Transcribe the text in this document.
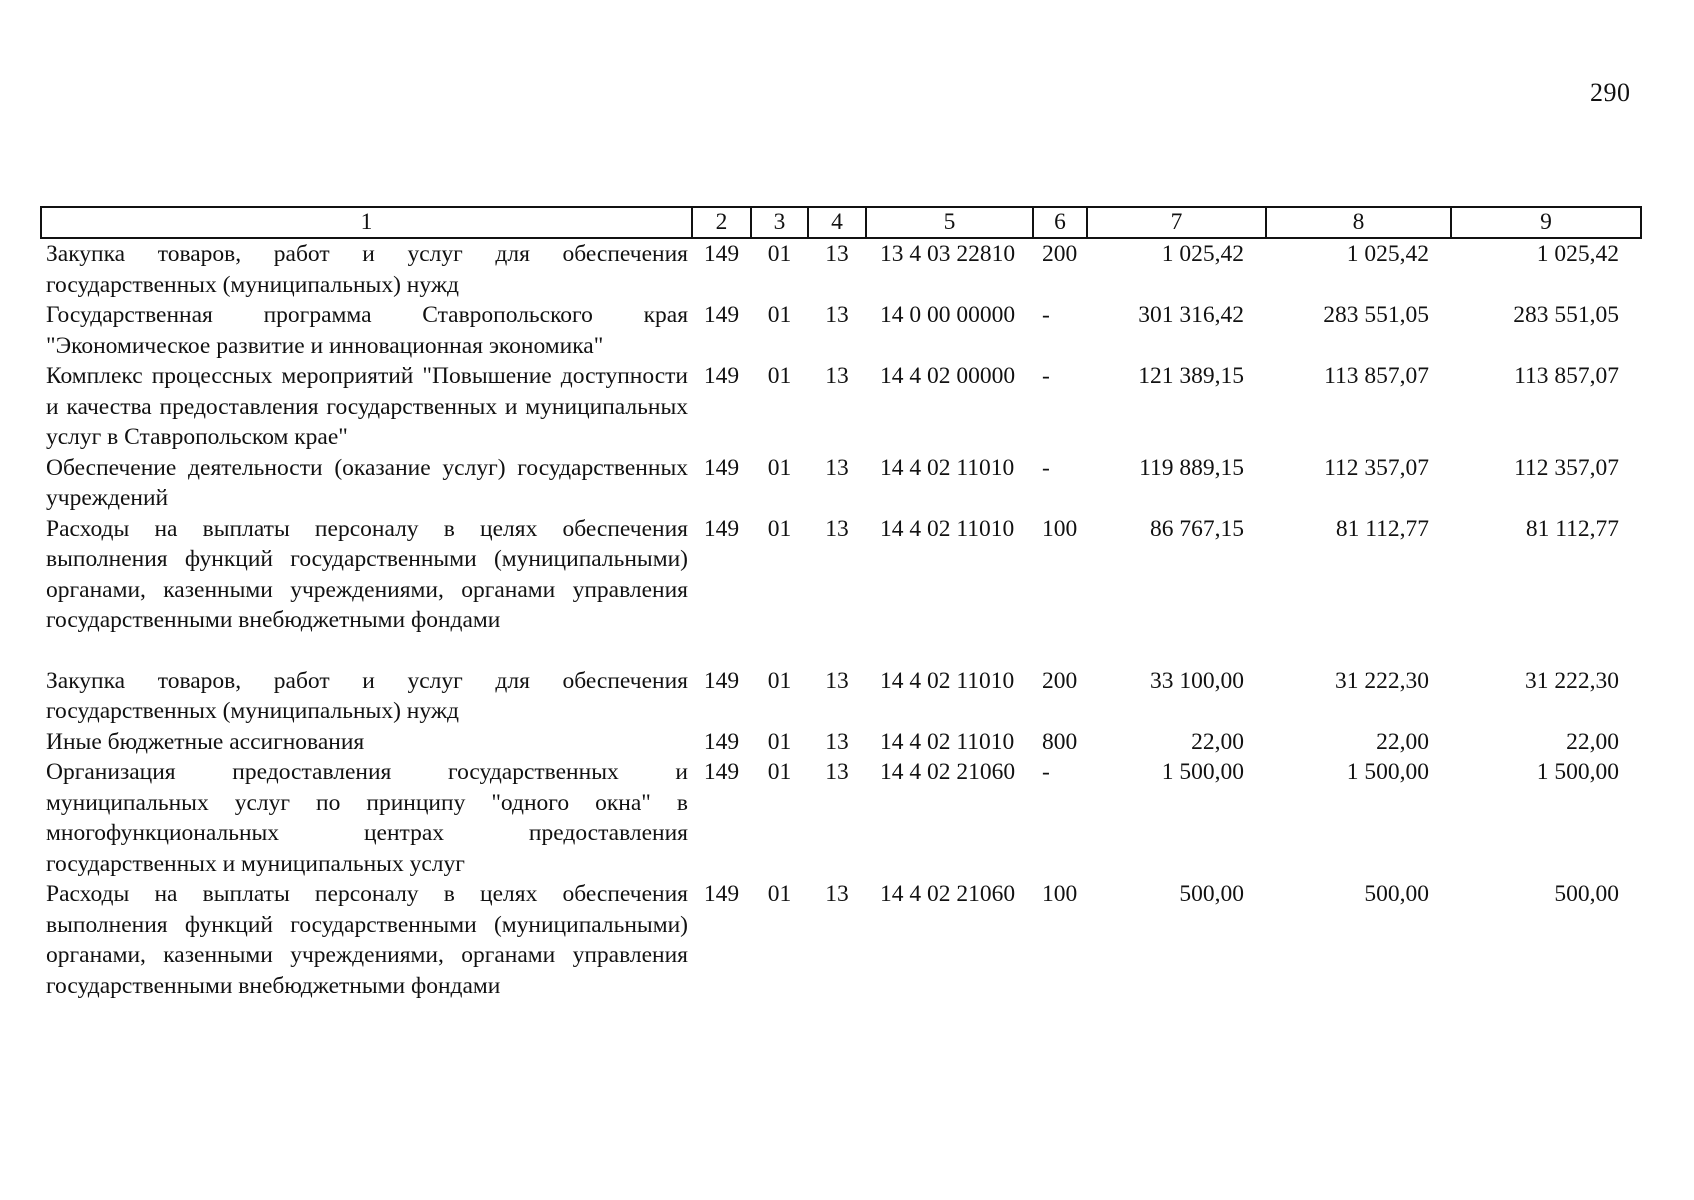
290
1	2	3	4	5	6	7	8	9
Закупка товаров, работ и услуг для обеспечения государственных (муниципальных) нужд	149	01	13	13 4 03 22810	200	1 025,42	1 025,42	1 025,42
Государственная программа Ставропольского края "Экономическое развитие и инновационная экономика"	149	01	13	14 0 00 00000	-	301 316,42	283 551,05	283 551,05
Комплекс процессных мероприятий "Повышение доступности и качества предоставления государственных и муниципальных услуг в Ставропольском крае"	149	01	13	14 4 02 00000	-	121 389,15	113 857,07	113 857,07
Обеспечение деятельности (оказание услуг) государственных учреждений	149	01	13	14 4 02 11010	-	119 889,15	112 357,07	112 357,07
Расходы на выплаты персоналу в целях обеспечения выполнения функций государственными (муниципальными) органами, казенными учреждениями, органами управления государственными внебюджетными фондами	149	01	13	14 4 02 11010	100	86 767,15	81 112,77	81 112,77

Закупка товаров, работ и услуг для обеспечения государственных (муниципальных) нужд	149	01	13	14 4 02 11010	200	33 100,00	31 222,30	31 222,30
Иные бюджетные ассигнования	149	01	13	14 4 02 11010	800	22,00	22,00	22,00
Организация предоставления государственных и муниципальных услуг по принципу "одного окна" в многофункциональных центрах предоставления государственных и муниципальных услуг	149	01	13	14 4 02 21060	-	1 500,00	1 500,00	1 500,00
Расходы на выплаты персоналу в целях обеспечения выполнения функций государственными (муниципальными) органами, казенными учреждениями, органами управления государственными внебюджетными фондами	149	01	13	14 4 02 21060	100	500,00	500,00	500,00
